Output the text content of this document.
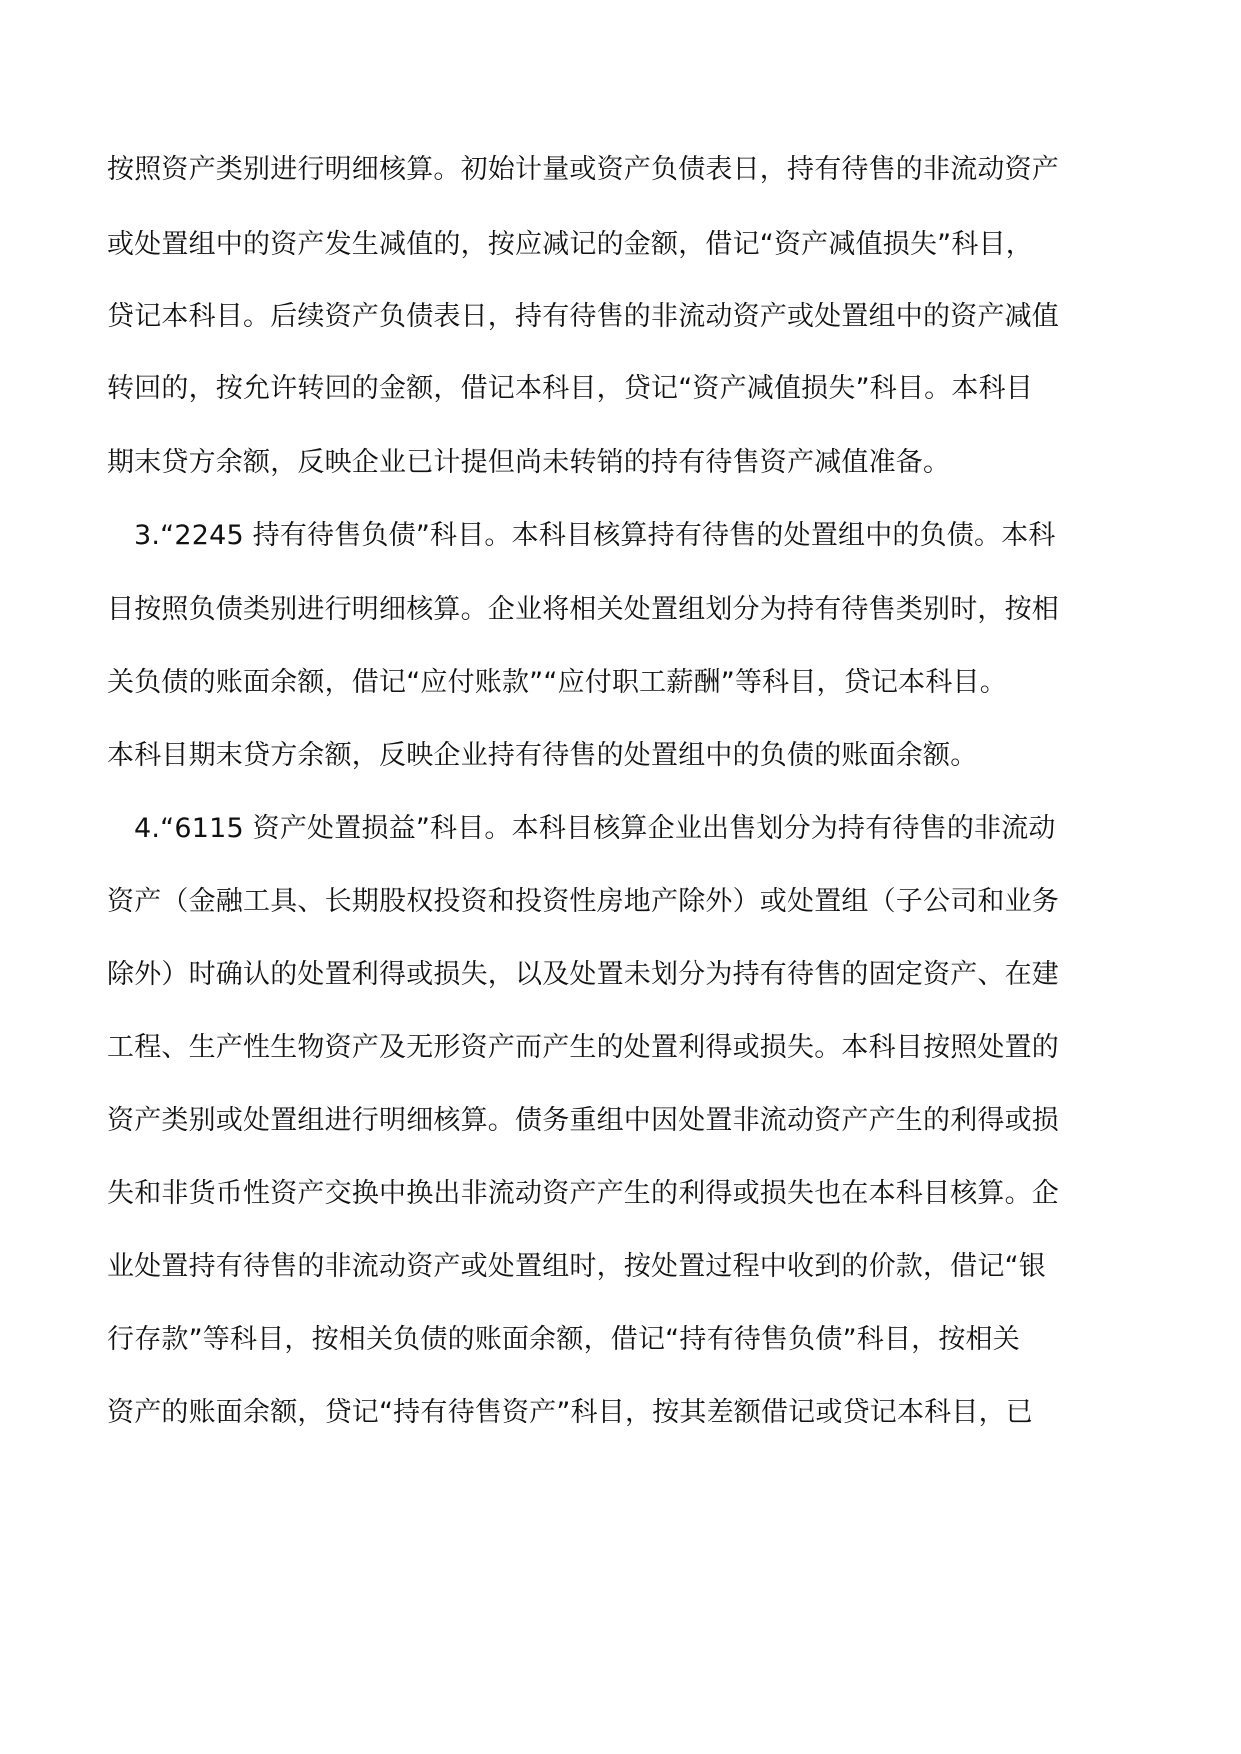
按照资产类别进行明细核算。初始计量或资产负债表日，持有待售的非流动资产
或处置组中的资产发生减值的，按应减记的金额，借记“资产减值损失”科目，
贷记本科目。后续资产负债表日，持有待售的非流动资产或处置组中的资产减值
转回的，按允许转回的金额，借记本科目，贷记“资产减值损失”科目。本科目
期末贷方余额，反映企业已计提但尚未转销的持有待售资产减值准备。
3.“2245 持有待售负债”科目。本科目核算持有待售的处置组中的负债。本科
目按照负债类别进行明细核算。企业将相关处置组划分为持有待售类别时，按相
关负债的账面余额，借记“应付账款”“应付职工薪酬”等科目，贷记本科目。
本科目期末贷方余额，反映企业持有待售的处置组中的负债的账面余额。
4.“6115 资产处置损益”科目。本科目核算企业出售划分为持有待售的非流动
资产（金融工具、长期股权投资和投资性房地产除外）或处置组（子公司和业务
除外）时确认的处置利得或损失，以及处置未划分为持有待售的固定资产、在建
工程、生产性生物资产及无形资产而产生的处置利得或损失。本科目按照处置的
资产类别或处置组进行明细核算。债务重组中因处置非流动资产产生的利得或损
失和非货币性资产交换中换出非流动资产产生的利得或损失也在本科目核算。企
业处置持有待售的非流动资产或处置组时，按处置过程中收到的价款，借记“银
行存款”等科目，按相关负债的账面余额，借记“持有待售负债”科目，按相关
资产的账面余额，贷记“持有待售资产”科目，按其差额借记或贷记本科目，已
